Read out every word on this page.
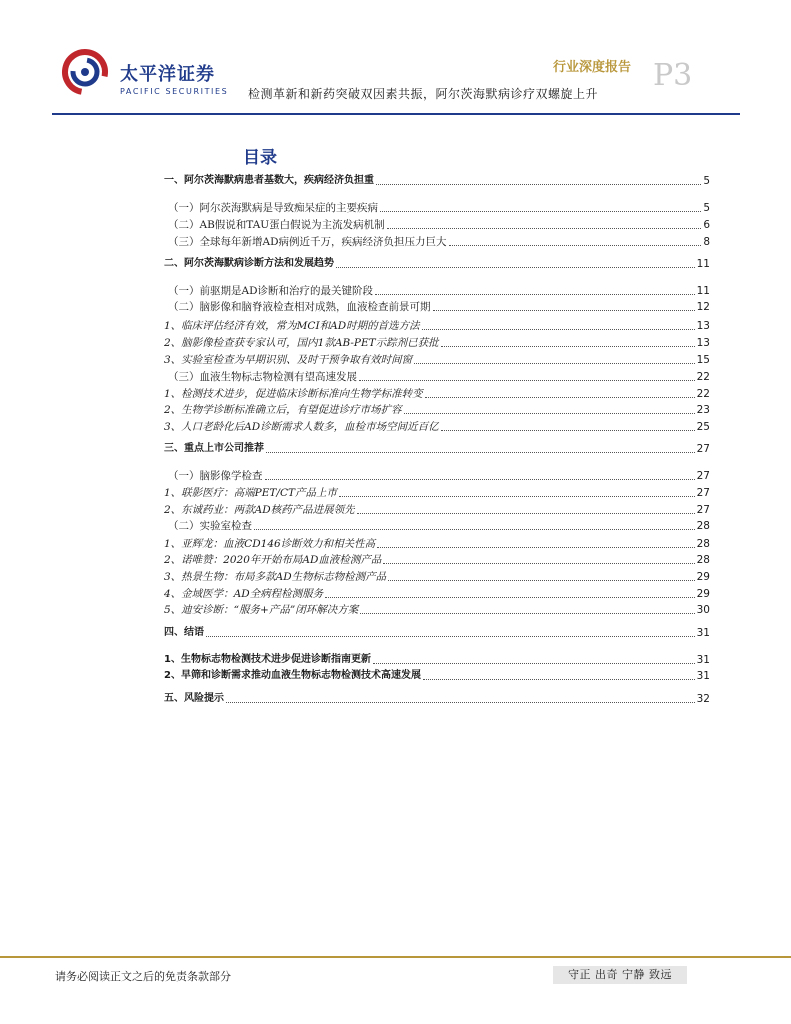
太平洋证券
PACIFIC SECURITIES
行业深度报告 P3
检测革新和新药突破双因素共振，阿尔茨海默病诊疗双螺旋上升
目录
一、阿尔茨海默病患者基数大，疾病经济负担重	5
（一）阿尔茨海默病是导致痴呆症的主要疾病	5
（二）AB假说和TAU蛋白假说为主流发病机制	6
（三）全球每年新增AD病例近千万，疾病经济负担压力巨大	8
二、阿尔茨海默病诊断方法和发展趋势	11
（一）前驱期是AD诊断和治疗的最关键阶段	11
（二）脑影像和脑脊液检查相对成熟，血液检查前景可期	12
1、临床评估经济有效，常为MCI和AD时期的首选方法	13
2、脑影像检查获专家认可，国内1款AB-PET示踪剂已获批	13
3、实验室检查为早期识别、及时干预争取有效时间窗	15
（三）血液生物标志物检测有望高速发展	22
1、检测技术进步，促进临床诊断标准向生物学标准转变	22
2、生物学诊断标准确立后，有望促进诊疗市场扩容	23
3、人口老龄化后AD诊断需求人数多，血检市场空间近百亿	25
三、重点上市公司推荐	27
（一）脑影像学检查	27
1、联影医疗：高端PET/CT产品上市	27
2、东诚药业：两款AD核药产品进展领先	27
（二）实验室检查	28
1、亚辉龙：血液CD146诊断效力和相关性高	28
2、诺唯赞：2020年开始布局AD血液检测产品	28
3、热景生物：布局多款AD生物标志物检测产品	29
4、金域医学：AD全病程检测服务	29
5、迪安诊断：“服务+产品”闭环解决方案	30
四、结语	31
1、生物标志物检测技术进步促进诊断指南更新	31
2、早筛和诊断需求推动血液生物标志物检测技术高速发展	31
五、风险提示	32
请务必阅读正文之后的免责条款部分	守正 出奇 宁静 致远
